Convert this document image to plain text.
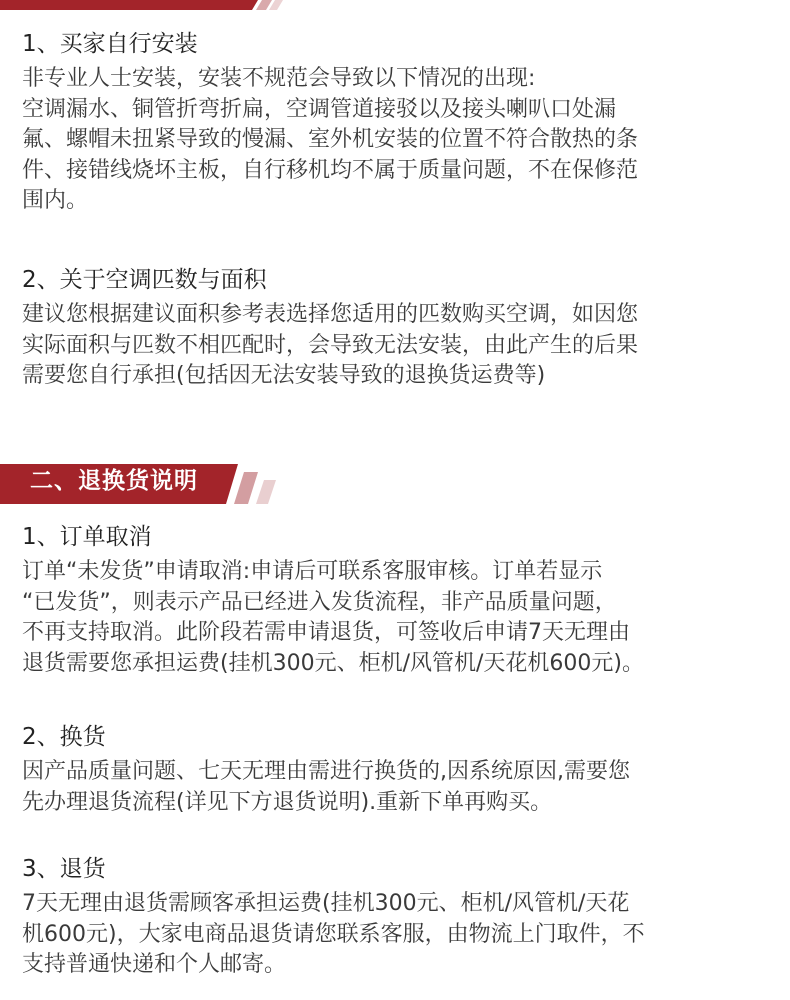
1、买家自行安装

非专业人士安装，安装不规范会导致以下情况的出现:
空调漏水、铜管折弯折扁，空调管道接驳以及接头喇叭口处漏
氟、螺帽未扭紧导致的慢漏、室外机安装的位置不符合散热的条
件、接错线烧坏主板，自行移机均不属于质量问题，不在保修范
围内。

2、关于空调匹数与面积

建议您根据建议面积参考表选择您适用的匹数购买空调，如因您
实际面积与匹数不相匹配时，会导致无法安装，由此产生的后果
需要您自行承担(包括因无法安装导致的退换货运费等)

二、退换货说明
1、订单取消

订单“未发货”申请取消:申请后可联系客服审核。订单若显示
“已发货”，则表示产品已经进入发货流程，非产品质量问题，
不再支持取消。此阶段若需申请退货，可签收后申请7天无理由
退货需要您承担运费(挂机300元、柜机/风管机/天花机600元)。

2、换货

因产品质量问题、七天无理由需进行换货的,因系统原因,需要您
先办理退货流程(详见下方退货说明).重新下单再购买。

3、退货

7天无理由退货需顾客承担运费(挂机300元、柜机/风管机/天花
机600元)，大家电商品退货请您联系客服，由物流上门取件，不
支持普通快递和个人邮寄。
